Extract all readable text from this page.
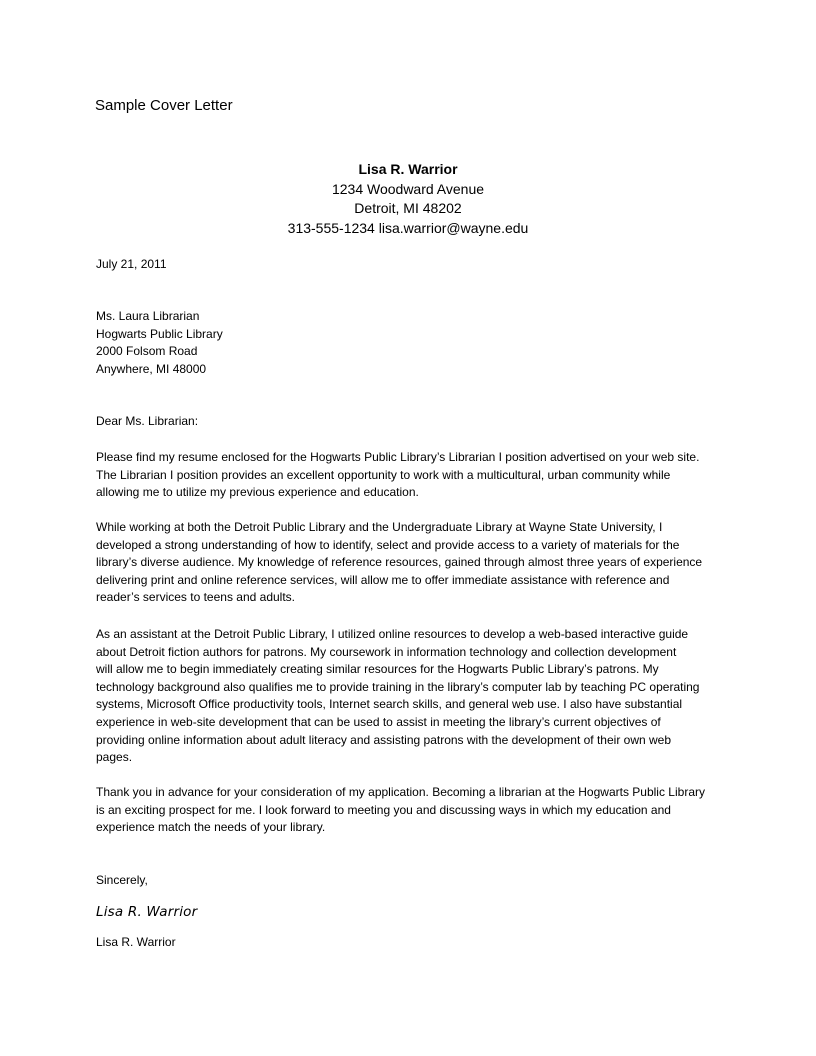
Sample Cover Letter
Lisa R. Warrior
1234 Woodward Avenue
Detroit, MI 48202
313-555-1234 lisa.warrior@wayne.edu
July 21, 2011
Ms. Laura Librarian
Hogwarts Public Library
2000 Folsom Road
Anywhere, MI 48000
Dear Ms. Librarian:
Please find my resume enclosed for the Hogwarts Public Library’s Librarian I position advertised on your web site.
The Librarian I position provides an excellent opportunity to work with a multicultural, urban community while
allowing me to utilize my previous experience and education.
While working at both the Detroit Public Library and the Undergraduate Library at Wayne State University, I
developed a strong understanding of how to identify, select and provide access to a variety of materials for the
library’s diverse audience. My knowledge of reference resources, gained through almost three years of experience
delivering print and online reference services, will allow me to offer immediate assistance with reference and
reader’s services to teens and adults.
As an assistant at the Detroit Public Library, I utilized online resources to develop a web-based interactive guide
about Detroit fiction authors for patrons. My coursework in information technology and collection development
will allow me to begin immediately creating similar resources for the Hogwarts Public Library’s patrons. My
technology background also qualifies me to provide training in the library’s computer lab by teaching PC operating
systems, Microsoft Office productivity tools, Internet search skills, and general web use. I also have substantial
experience in web-site development that can be used to assist in meeting the library’s current objectives of
providing online information about adult literacy and assisting patrons with the development of their own web
pages.
Thank you in advance for your consideration of my application. Becoming a librarian at the Hogwarts Public Library
is an exciting prospect for me. I look forward to meeting you and discussing ways in which my education and
experience match the needs of your library.
Sincerely,
Lisa R. Warrior
Lisa R. Warrior
